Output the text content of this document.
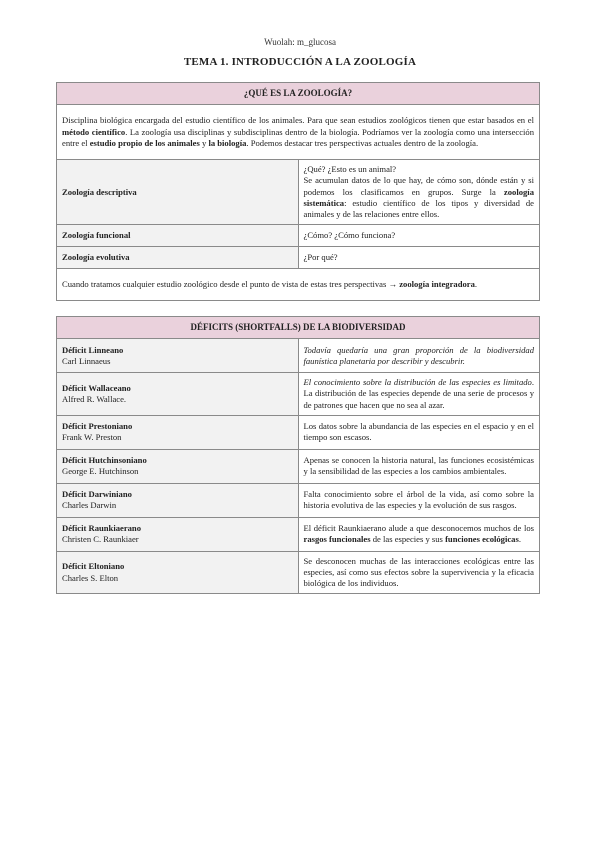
Wuolah: m_glucosa
TEMA 1. INTRODUCCIÓN A LA ZOOLOGÍA
¿QUÉ ES LA ZOOLOGÍA?	
Disciplina biológica encargada del estudio científico de los animales. Para que sean estudios zoológicos tienen que estar basados en el método científico. La zoología usa disciplinas y subdisciplinas dentro de la biología. Podríamos ver la zoología como una intersección entre el estudio propio de los animales y la biología. Podemos destacar tres perspectivas actuales dentro de la zoología.	
Zoología descriptiva	¿Qué? ¿Esto es un animal?
Se acumulan datos de lo que hay, de cómo son, dónde están y si podemos los clasificamos en grupos. Surge la zoología sistemática: estudio científico de los tipos y diversidad de animales y de las relaciones entre ellos.
Zoología funcional	¿Cómo? ¿Cómo funciona?
Zoología evolutiva	¿Por qué?
Cuando tratamos cualquier estudio zoológico desde el punto de vista de estas tres perspectivas → zoología integradora.	
DÉFICITS (SHORTFALLS) DE LA BIODIVERSIDAD	
Déficit Linneano
Carl Linnaeus	Todavía quedaría una gran proporción de la biodiversidad faunística planetaria por describir y descubrir.
Déficit Wallaceano
Alfred R. Wallace.	El conocimiento sobre la distribución de las especies es limitado. La distribución de las especies depende de una serie de procesos y de patrones que hacen que no sea al azar.
Déficit Prestoniano
Frank W. Preston	Los datos sobre la abundancia de las especies en el espacio y en el tiempo son escasos.
Déficit Hutchinsoniano
George E. Hutchinson	Apenas se conocen la historia natural, las funciones ecosistémicas y la sensibilidad de las especies a los cambios ambientales.
Déficit Darwiniano
Charles Darwin	Falta conocimiento sobre el árbol de la vida, así como sobre la historia evolutiva de las especies y la evolución de sus rasgos.
Déficit Raunkiaerano
Christen C. Raunkiaer	El déficit Raunkiaerano alude a que desconocemos muchos de los rasgos funcionales de las especies y sus funciones ecológicas.
Déficit Eltoniano
Charles S. Elton	Se desconocen muchas de las interacciones ecológicas entre las especies, así como sus efectos sobre la supervivencia y la eficacia biológica de los individuos.
